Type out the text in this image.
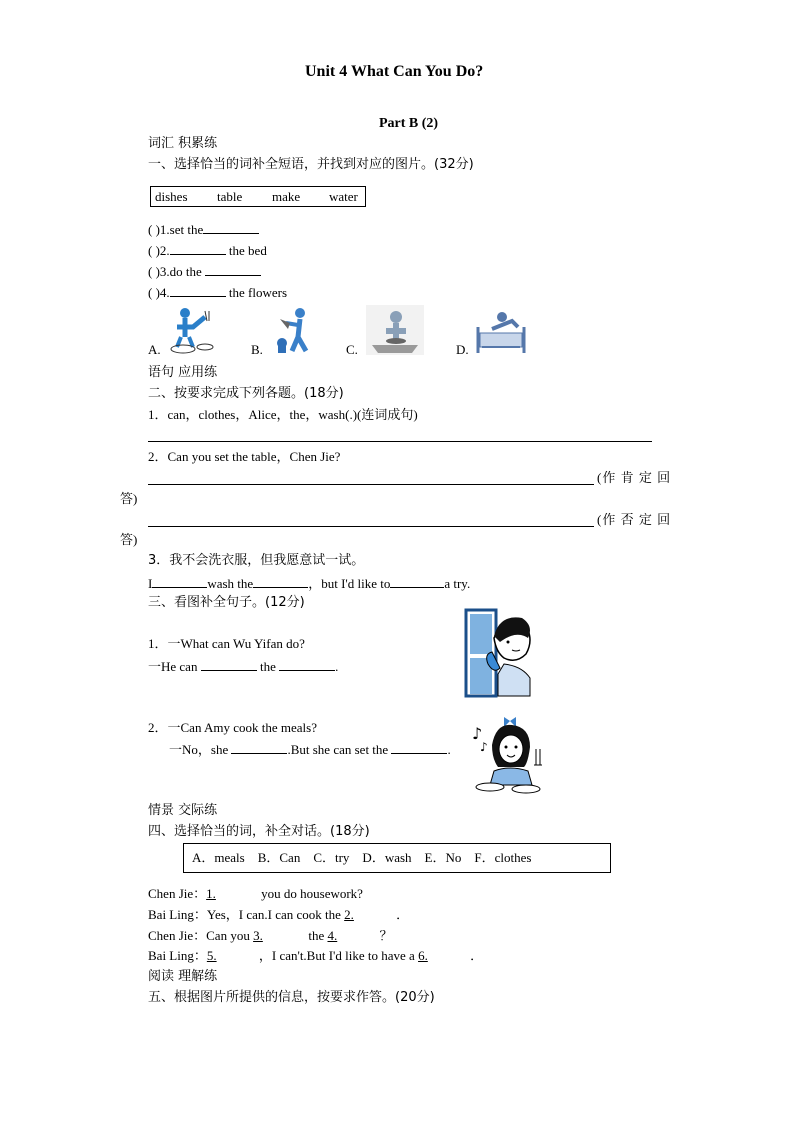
Unit 4 What Can You Do?
Part B (2)
词汇 积累练
一、选择恰当的词补全短语，并找到对应的图片。(32分)
dishes table make water
( )1.set the
( )2.	the bed
( )3.do the
( )4.	the flowers
A.	B.	C.	D.
语句 应用练
二、按要求完成下列各题。(18分)
1．can，clothes，Alice，the，wash(.)(连词成句)
2．Can you set the table，Chen Jie?
(作 肯 定 回
答)
(作 否 定 回
答)
3．我不会洗衣服，但我愿意试一试。
I	wash the	，but I'd like to	a try.
三、看图补全句子。(12分)
1．一What can Wu Yifan do?
一He can	the	.
2．一Can Amy cook the meals?
一No，she	.But she can set the	.
♪
♪
情景 交际练
四、选择恰当的词，补全对话。(18分)
A．meals    B．Can    C．try    D．wash    E．No    F．clothes
Chen Jie：1.	you do housework?
Bai Ling：Yes，I can.I can cook the 2.	．
Chen Jie：Can you 3.	the 4.	？
Bai Ling：5.	，I can't.But I'd like to have a 6.	．
阅读 理解练
五、根据图片所提供的信息，按要求作答。(20分)
